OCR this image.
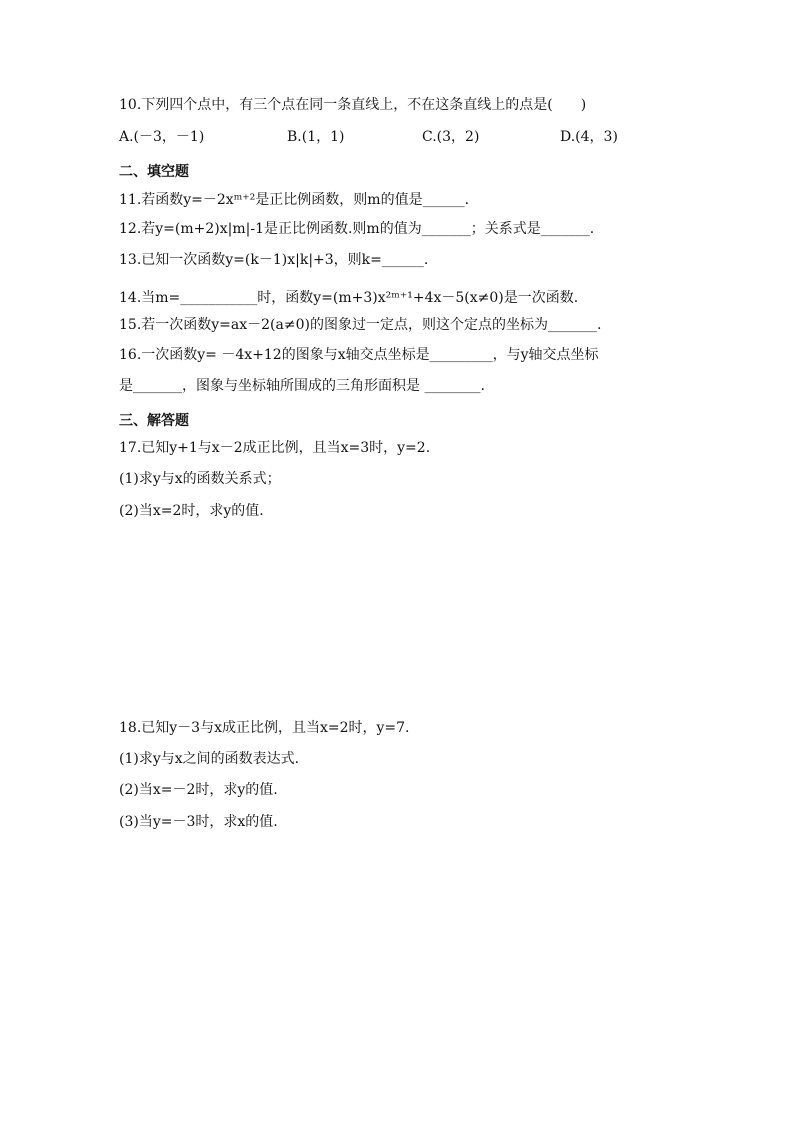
10.下列四个点中，有三个点在同一条直线上，不在这条直线上的点是(　　)
A.(－3，－1)	B.(1，1)	C.(3，2)	D.(4，3)
二、填空题
11.若函数y=－2xᵐ⁺²是正比例函数，则m的值是______.
12.若y=(m+2)x|m|-1是正比例函数.则m的值为_______；关系式是_______.
13.已知一次函数y=(k－1)x|k|+3，则k=______.
14.当m=___________时，函数y=(m+3)x²ᵐ⁺¹+4x－5(x≠0)是一次函数.
15.若一次函数y=ax－2(a≠0)的图象过一定点，则这个定点的坐标为_______.
16.一次函数y= －4x+12的图象与x轴交点坐标是_________，与y轴交点坐标
是_______，图象与坐标轴所围成的三角形面积是 ________.
三、解答题
17.已知y+1与x－2成正比例，且当x=3时，y=2.
(1)求y与x的函数关系式；
(2)当x=2时，求y的值.
18.已知y－3与x成正比例，且当x=2时，y=7.
(1)求y与x之间的函数表达式.
(2)当x=－2时，求y的值.
(3)当y=－3时，求x的值.
